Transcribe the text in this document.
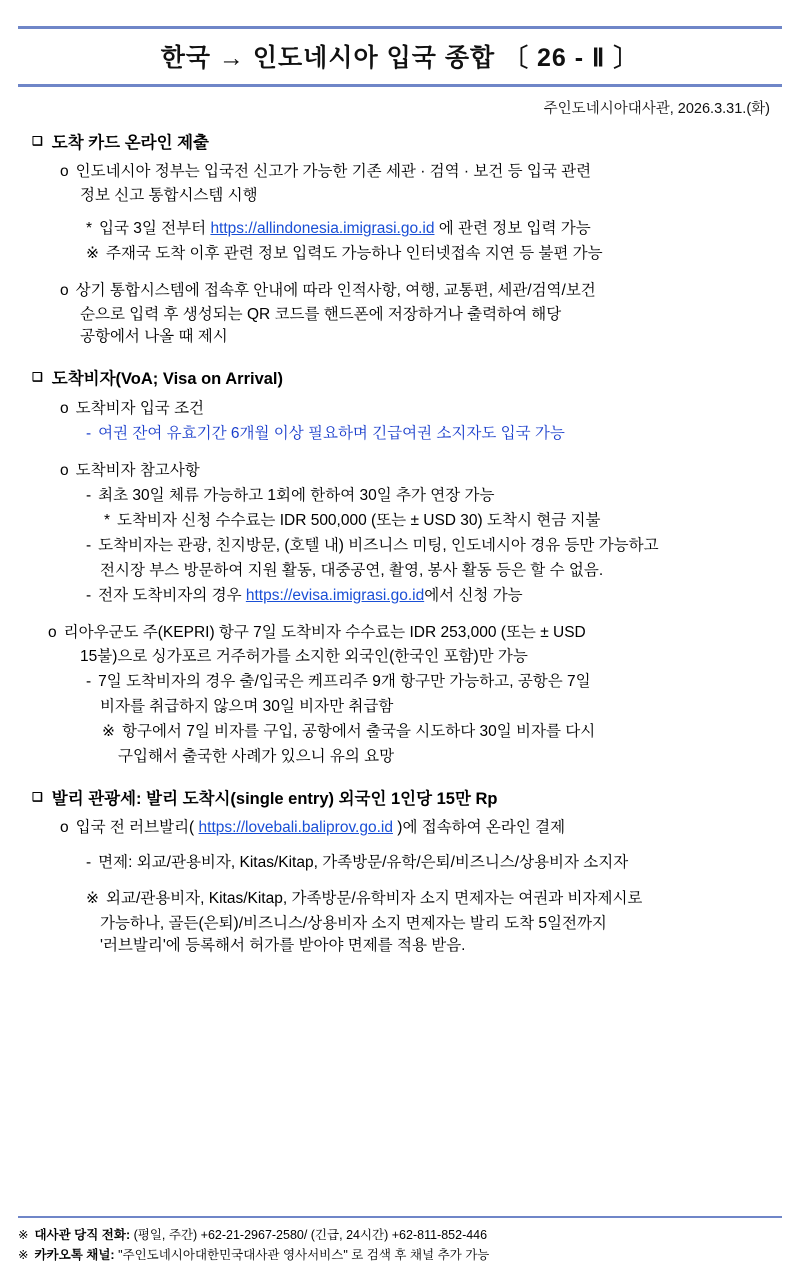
한국 → 인도네시아 입국 종합 〔 26 - Ⅱ 〕
주인도네시아대사관, 2026.3.31.(화)
❑ 도착 카드 온라인 제출
o 인도네시아 정부는 입국전 신고가 가능한 기존 세관 · 검역 · 보건 등 입국 관련
정보 신고 통합시스템 시행
* 입국 3일 전부터 https://allindonesia.imigrasi.go.id 에 관련 정보 입력 가능
※ 주재국 도착 이후 관련 정보 입력도 가능하나 인터넷접속 지연 등 불편 가능
o 상기 통합시스템에 접속후 안내에 따라 인적사항, 여행, 교통편, 세관/검역/보건
순으로 입력 후 생성되는 QR 코드를 핸드폰에 저장하거나 출력하여 해당
공항에서 나올 때 제시
❑ 도착비자(VoA; Visa on Arrival)
o 도착비자 입국 조건
- 여권 잔여 유효기간 6개월 이상 필요하며 긴급여권 소지자도 입국 가능
o 도착비자 참고사항
- 최초 30일 체류 가능하고 1회에 한하여 30일 추가 연장 가능
* 도착비자 신청 수수료는 IDR 500,000 (또는 ± USD 30) 도착시 현금 지불
- 도착비자는 관광, 친지방문, (호텔 내) 비즈니스 미팅, 인도네시아 경유 등만 가능하고
전시장 부스 방문하여 지원 활동, 대중공연, 촬영, 봉사 활동 등은 할 수 없음.
- 전자 도착비자의 경우 https://evisa.imigrasi.go.id에서 신청 가능
o 리아우군도 주(KEPRI) 항구 7일 도착비자 수수료는 IDR 253,000 (또는 ± USD
15불)으로 싱가포르 거주허가를 소지한 외국인(한국인 포함)만 가능
- 7일 도착비자의 경우 출/입국은 케프리주 9개 항구만 가능하고, 공항은 7일
비자를 취급하지 않으며 30일 비자만 취급함
※ 항구에서 7일 비자를 구입, 공항에서 출국을 시도하다 30일 비자를 다시
구입해서 출국한 사례가 있으니 유의 요망
❑ 발리 관광세: 발리 도착시(single entry) 외국인 1인당 15만 Rp
o 입국 전 러브발리( https://lovebali.baliprov.go.id )에 접속하여 온라인 결제
- 면제: 외교/관용비자, Kitas/Kitap, 가족방문/유학/은퇴/비즈니스/상용비자 소지자
※ 외교/관용비자, Kitas/Kitap, 가족방문/유학비자 소지 면제자는 여권과 비자제시로
가능하나, 골든(은퇴)/비즈니스/상용비자 소지 면제자는 발리 도착 5일전까지
'러브발리'에 등록해서 허가를 받아야 면제를 적용 받음.
※ 대사관 당직 전화: (평일, 주간) +62-21-2967-2580/ (긴급, 24시간) +62-811-852-446
※ 카카오톡 채널: "주인도네시아대한민국대사관 영사서비스" 로 검색 후 채널 추가 가능
